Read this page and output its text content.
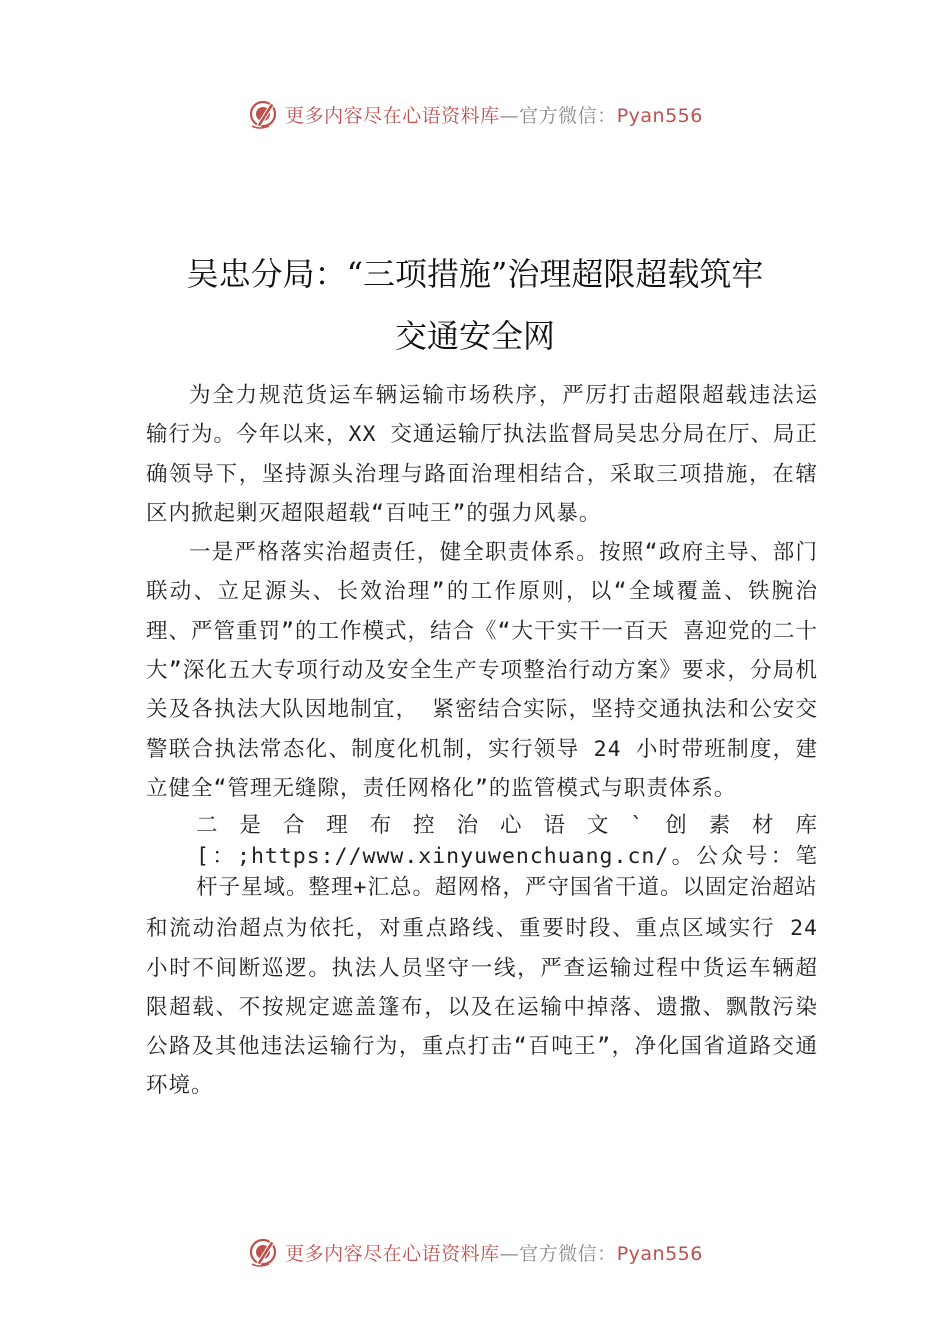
更多内容尽在心语资料库—官方微信：Pyan556
吴忠分局：“三项措施”治理超限超载筑牢
交通安全网

为全力规范货运车辆运输市场秩序，严厉打击超限超载违法运输行为。今年以来，XX 交通运输厅执法监督局吴忠分局在厅、局正确领导下，坚持源头治理与路面治理相结合，采取三项措施，在辖区内掀起剿灭超限超载“百吨王”的强力风暴。

一是严格落实治超责任，健全职责体系。按照“政府主导、部门联动、立足源头、长效治理”的工作原则，以“全域覆盖、铁腕治理、严管重罚”的工作模式，结合《“大干实干一百天 喜迎党的二十大”深化五大专项行动及安全生产专项整治行动方案》要求，分局机关及各执法大队因地制宜， 紧密结合实际，坚持交通执法和公安交警联合执法常态化、制度化机制，实行领导 24 小时带班制度，建立健全“管理无缝隙，责任网格化”的监管模式与职责体系。

二是合理布控治心语文`创素材库[：;https://www.xinyuwenchuang.cn/。公众号：笔杆子星域。整理+汇总。超网格，严守国省干道。以固定治超站

和流动治超点为依托，对重点路线、重要时段、重点区域实行 24 小时不间断巡逻。执法人员坚守一线，严查运输过程中货运车辆超限超载、不按规定遮盖篷布，以及在运输中掉落、遗撒、飘散污染公路及其他违法运输行为，重点打击“百吨王”，净化国省道路交通环境。

更多内容尽在心语资料库—官方微信：Pyan556
